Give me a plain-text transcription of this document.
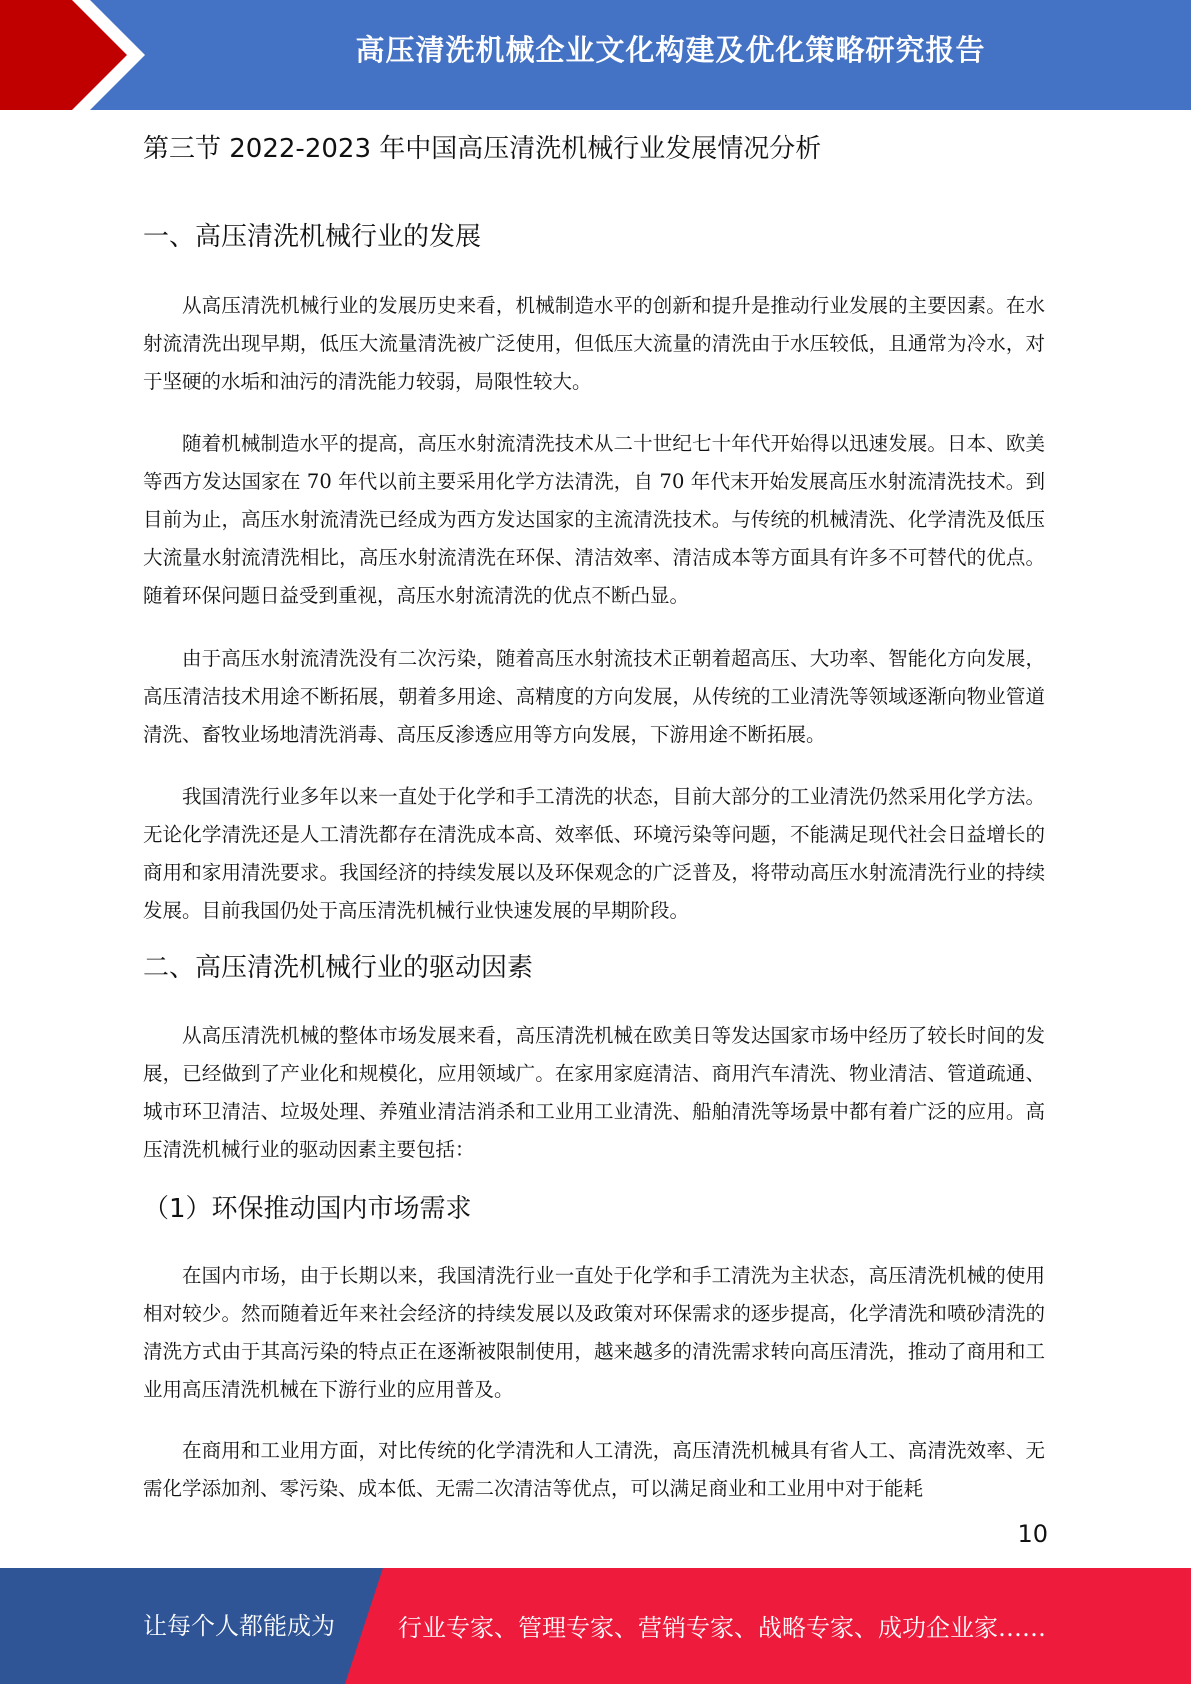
高压清洗机械企业文化构建及优化策略研究报告
第三节 2022-2023 年中国高压清洗机械行业发展情况分析
一、高压清洗机械行业的发展

从高压清洗机械行业的发展历史来看，机械制造水平的创新和提升是推动行业发展的主要因素。在水射流清洗出现早期，低压大流量清洗被广泛使用，但低压大流量的清洗由于水压较低，且通常为冷水，对于坚硬的水垢和油污的清洗能力较弱，局限性较大。

随着机械制造水平的提高，高压水射流清洗技术从二十世纪七十年代开始得以迅速发展。日本、欧美等西方发达国家在 70 年代以前主要采用化学方法清洗，自 70 年代末开始发展高压水射流清洗技术。到目前为止，高压水射流清洗已经成为西方发达国家的主流清洗技术。与传统的机械清洗、化学清洗及低压大流量水射流清洗相比，高压水射流清洗在环保、清洁效率、清洁成本等方面具有许多不可替代的优点。随着环保问题日益受到重视，高压水射流清洗的优点不断凸显。

由于高压水射流清洗没有二次污染，随着高压水射流技术正朝着超高压、大功率、智能化方向发展，高压清洁技术用途不断拓展，朝着多用途、高精度的方向发展，从传统的工业清洗等领域逐渐向物业管道清洗、畜牧业场地清洗消毒、高压反渗透应用等方向发展，下游用途不断拓展。

我国清洗行业多年以来一直处于化学和手工清洗的状态，目前大部分的工业清洗仍然采用化学方法。无论化学清洗还是人工清洗都存在清洗成本高、效率低、环境污染等问题，不能满足现代社会日益增长的商用和家用清洗要求。我国经济的持续发展以及环保观念的广泛普及，将带动高压水射流清洗行业的持续发展。目前我国仍处于高压清洗机械行业快速发展的早期阶段。

二、高压清洗机械行业的驱动因素

从高压清洗机械的整体市场发展来看，高压清洗机械在欧美日等发达国家市场中经历了较长时间的发展，已经做到了产业化和规模化，应用领域广。在家用家庭清洁、商用汽车清洗、物业清洁、管道疏通、城市环卫清洁、垃圾处理、养殖业清洁消杀和工业用工业清洗、船舶清洗等场景中都有着广泛的应用。高压清洗机械行业的驱动因素主要包括：

（1）环保推动国内市场需求

在国内市场，由于长期以来，我国清洗行业一直处于化学和手工清洗为主状态，高压清洗机械的使用相对较少。然而随着近年来社会经济的持续发展以及政策对环保需求的逐步提高，化学清洗和喷砂清洗的清洗方式由于其高污染的特点正在逐渐被限制使用，越来越多的清洗需求转向高压清洗，推动了商用和工业用高压清洗机械在下游行业的应用普及。

在商用和工业用方面，对比传统的化学清洗和人工清洗，高压清洗机械具有省人工、高清洗效率、无需化学添加剂、零污染、成本低、无需二次清洁等优点，可以满足商业和工业用中对于能耗

10
让每个人都能成为	行业专家、管理专家、营销专家、战略专家、成功企业家……
